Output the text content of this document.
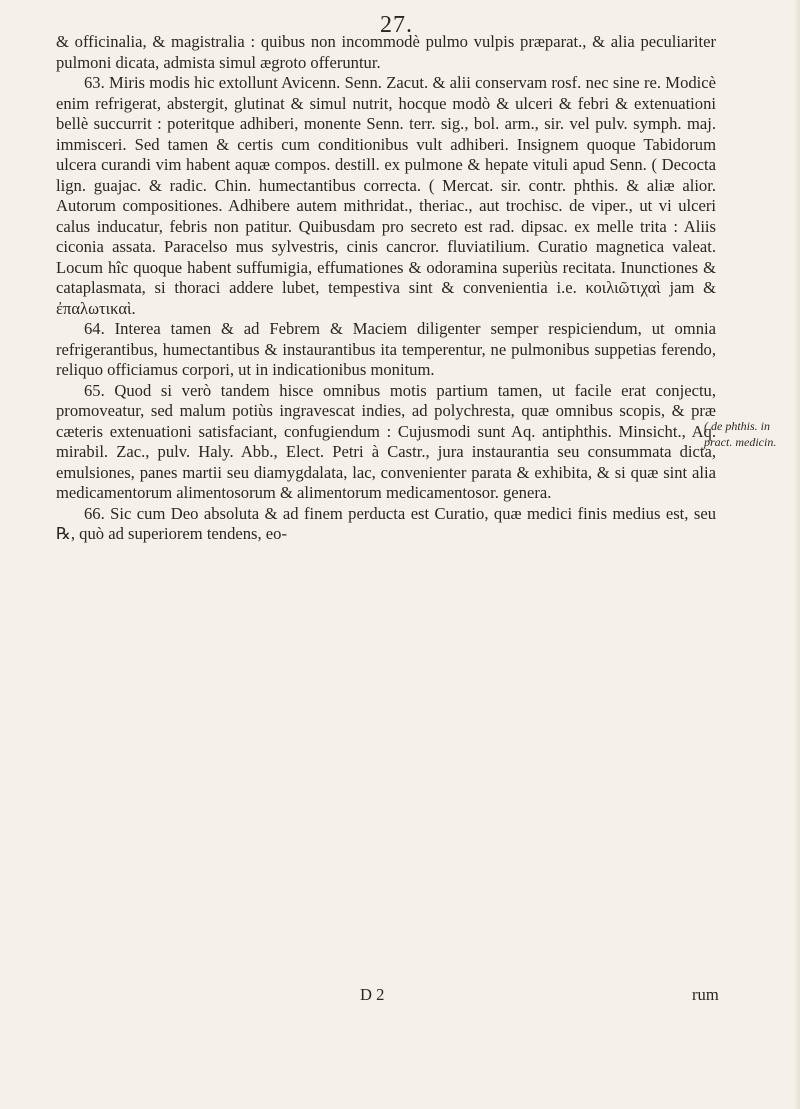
27.

& officinalia, & magistralia : quibus non incommodè pulmo vulpis præparat., & alia peculiariter pulmoni dicata, admista simul ægroto offeruntur.

63. Miris modis hic extollunt Avicenn. Senn. Zacut. & alii conservam rosf. nec sine re. Modicè enim refrigerat, abstergit, glutinat & simul nutrit, hocque modò & ulceri & febri & extenuationi bellè succurrit : poteritque adhiberi, monente Senn. terr. sig., bol. arm., sir. vel pulv. symph. maj. immisceri. Sed tamen & certis cum conditionibus vult adhiberi. Insignem quoque Tabidorum ulcera curandi vim habent aquæ compos. destill. ex pulmone & hepate vituli apud Senn. ( Decocta lign. guajac. & radic. Chin. humectantibus correcta. ( Mercat. sir. contr. phthis. & aliæ alior. Autorum compositiones. Adhibere autem mithridat., theriac., aut trochisc. de viper., ut vi ulceri calus inducatur, febris non patitur. Quibusdam pro secreto est rad. dipsac. ex melle trita : Aliis ciconia assata. Paracelso mus sylvestris, cinis cancror. fluviatilium. Curatio magnetica valeat. Locum hîc quoque habent suffumigia, effumationes & odoramina superiùs recitata. Inunctiones & cataplasmata, si thoraci addere lubet, tempestiva sint & convenientia i.e. κοιλιῶτιχαὶ jam & ἐπαλωτικαὶ.

64. Interea tamen & ad Febrem & Maciem diligenter semper respiciendum, ut omnia refrigerantibus, humectantibus & instaurantibus ita temperentur, ne pulmonibus suppetias ferendo, reliquo officiamus corpori, ut in indicationibus monitum.

65. Quod si verò tandem hisce omnibus motis partium tamen, ut facile erat conjectu, promoveatur, sed malum potiùs ingravescat indies, ad polychresta, quæ omnibus scopis, & præ cæteris extenuationi satisfaciant, confugiendum : Cujusmodi sunt Aq. antiphthis. Minsicht., Aq. mirabil. Zac., pulv. Haly. Abb., Elect. Petri à Castr., jura instaurantia seu consummata dicta, emulsiones, panes martii seu diamygdalata, lac, convenienter parata & exhibita, & si quæ sint alia medicamentorum alimentosorum & alimentorum medicamentosor. genera.

66. Sic cum Deo absoluta & ad finem perducta est Curatio, quæ medici finis medius est, seu ℞, quò ad superiorem tendens, eo-

( de phthis. in pract. medicin.
D 2	rum
